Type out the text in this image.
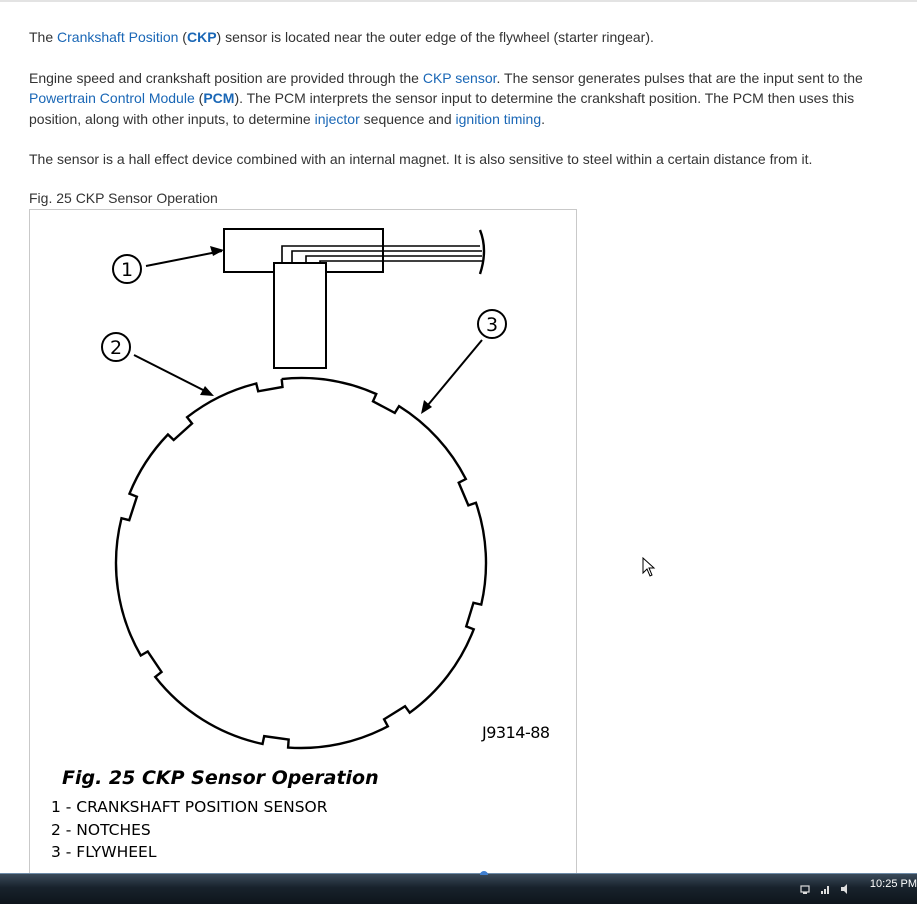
The Crankshaft Position (CKP) sensor is located near the outer edge of the flywheel (starter ringear).

Engine speed and crankshaft position are provided through the CKP sensor. The sensor generates pulses that are the input sent to the Powertrain Control Module (PCM). The PCM interprets the sensor input to determine the crankshaft position. The PCM then uses this position, along with other inputs, to determine injector sequence and ignition timing.

The sensor is a hall effect device combined with an internal magnet. It is also sensitive to steel within a certain distance from it.

Fig. 25 CKP Sensor Operation
1
2
3
J9314-88
Fig. 25 CKP Sensor Operation
1 - CRANKSHAFT POSITION SENSOR
2 - NOTCHES
3 - FLYWHEEL
10:25 PM
